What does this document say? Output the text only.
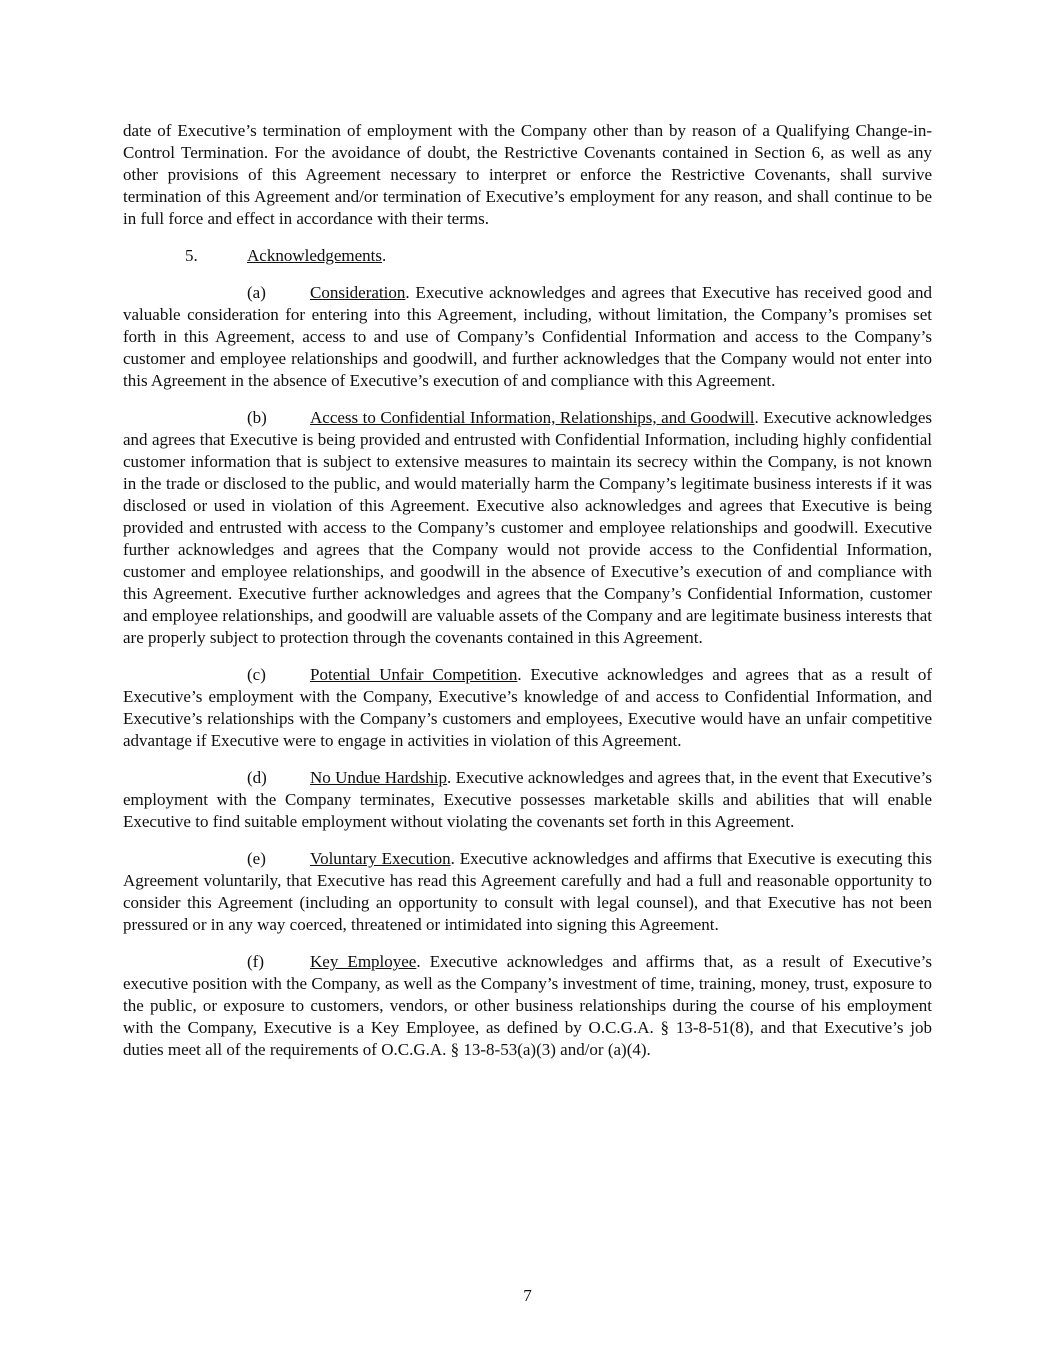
date of Executive’s termination of employment with the Company other than by reason of a Qualifying Change-in-Control Termination. For the avoidance of doubt, the Restrictive Covenants contained in Section 6, as well as any other provisions of this Agreement necessary to interpret or enforce the Restrictive Covenants, shall survive termination of this Agreement and/or termination of Executive’s employment for any reason, and shall continue to be in full force and effect in accordance with their terms.

5.	Acknowledgements.

(a)	Consideration. Executive acknowledges and agrees that Executive has received good and valuable consideration for entering into this Agreement, including, without limitation, the Company’s promises set forth in this Agreement, access to and use of Company’s Confidential Information and access to the Company’s customer and employee relationships and goodwill, and further acknowledges that the Company would not enter into this Agreement in the absence of Executive’s execution of and compliance with this Agreement.

(b)	Access to Confidential Information, Relationships, and Goodwill. Executive acknowledges and agrees that Executive is being provided and entrusted with Confidential Information, including highly confidential customer information that is subject to extensive measures to maintain its secrecy within the Company, is not known in the trade or disclosed to the public, and would materially harm the Company’s legitimate business interests if it was disclosed or used in violation of this Agreement. Executive also acknowledges and agrees that Executive is being provided and entrusted with access to the Company’s customer and employee relationships and goodwill. Executive further acknowledges and agrees that the Company would not provide access to the Confidential Information, customer and employee relationships, and goodwill in the absence of Executive’s execution of and compliance with this Agreement. Executive further acknowledges and agrees that the Company’s Confidential Information, customer and employee relationships, and goodwill are valuable assets of the Company and are legitimate business interests that are properly subject to protection through the covenants contained in this Agreement.

(c)	Potential Unfair Competition. Executive acknowledges and agrees that as a result of Executive’s employment with the Company, Executive’s knowledge of and access to Confidential Information, and Executive’s relationships with the Company’s customers and employees, Executive would have an unfair competitive advantage if Executive were to engage in activities in violation of this Agreement.

(d)	No Undue Hardship. Executive acknowledges and agrees that, in the event that Executive’s employment with the Company terminates, Executive possesses marketable skills and abilities that will enable Executive to find suitable employment without violating the covenants set forth in this Agreement.

(e)	Voluntary Execution. Executive acknowledges and affirms that Executive is executing this Agreement voluntarily, that Executive has read this Agreement carefully and had a full and reasonable opportunity to consider this Agreement (including an opportunity to consult with legal counsel), and that Executive has not been pressured or in any way coerced, threatened or intimidated into signing this Agreement.

(f)	Key Employee. Executive acknowledges and affirms that, as a result of Executive’s executive position with the Company, as well as the Company’s investment of time, training, money, trust, exposure to the public, or exposure to customers, vendors, or other business relationships during the course of his employment with the Company, Executive is a Key Employee, as defined by O.C.G.A. § 13-8-51(8), and that Executive’s job duties meet all of the requirements of O.C.G.A. § 13-8-53(a)(3) and/or (a)(4).

7
